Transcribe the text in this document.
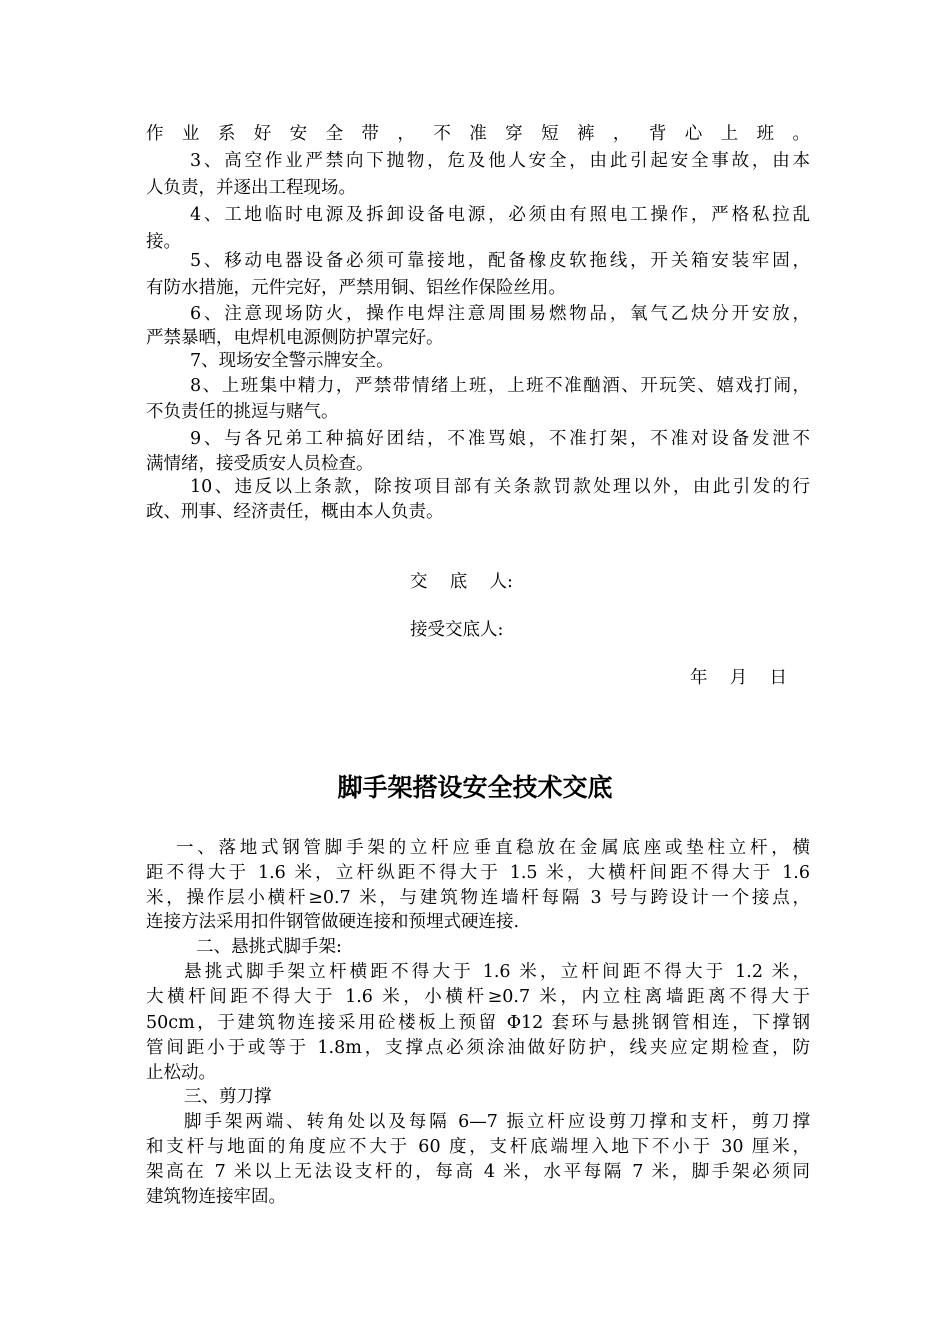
作业系好安全带，不准穿短裤，背心上班。
3、高空作业严禁向下抛物，危及他人安全，由此引起安全事故，由本
人负责，并逐出工程现场。
4、工地临时电源及拆卸设备电源，必须由有照电工操作，严格私拉乱
接。
5、移动电器设备必须可靠接地，配备橡皮软拖线，开关箱安装牢固，
有防水措施，元件完好，严禁用铜、铝丝作保险丝用。
6、注意现场防火，操作电焊注意周围易燃物品，氧气乙炔分开安放，
严禁暴晒，电焊机电源侧防护罩完好。
7、现场安全警示牌安全。
8、上班集中精力，严禁带情绪上班，上班不准酗酒、开玩笑、嬉戏打闹，
不负责任的挑逗与赌气。
9、与各兄弟工种搞好团结，不准骂娘，不准打架，不准对设备发泄不
满情绪，接受质安人员检查。
10、违反以上条款，除按项目部有关条款罚款处理以外，由此引发的行
政、刑事、经济责任，概由本人负责。
交    底    人:
接受交底人:
年    月    日
脚手架搭设安全技术交底
一、落地式钢管脚手架的立杆应垂直稳放在金属底座或垫柱立杆，横
距不得大于 1.6 米，立杆纵距不得大于 1.5 米，大横杆间距不得大于 1.6
米，操作层小横杆≥0.7 米，与建筑物连墙杆每隔 3 号与跨设计一个接点，
连接方法采用扣件钢管做硬连接和预埋式硬连接.
二、悬挑式脚手架:
悬挑式脚手架立杆横距不得大于 1.6 米，立杆间距不得大于 1.2 米，
大横杆间距不得大于 1.6 米，小横杆≥0.7 米，内立柱离墙距离不得大于
50cm，于建筑物连接采用砼楼板上预留 Φ12 套环与悬挑钢管相连，下撑钢
管间距小于或等于 1.8m，支撑点必须涂油做好防护，线夹应定期检查，防
止松动。
三、剪刀撑
脚手架两端、转角处以及每隔 6—7 振立杆应设剪刀撑和支杆，剪刀撑
和支杆与地面的角度应不大于 60 度，支杆底端埋入地下不小于 30 厘米，
架高在 7 米以上无法设支杆的，每高 4 米，水平每隔 7 米，脚手架必须同
建筑物连接牢固。
